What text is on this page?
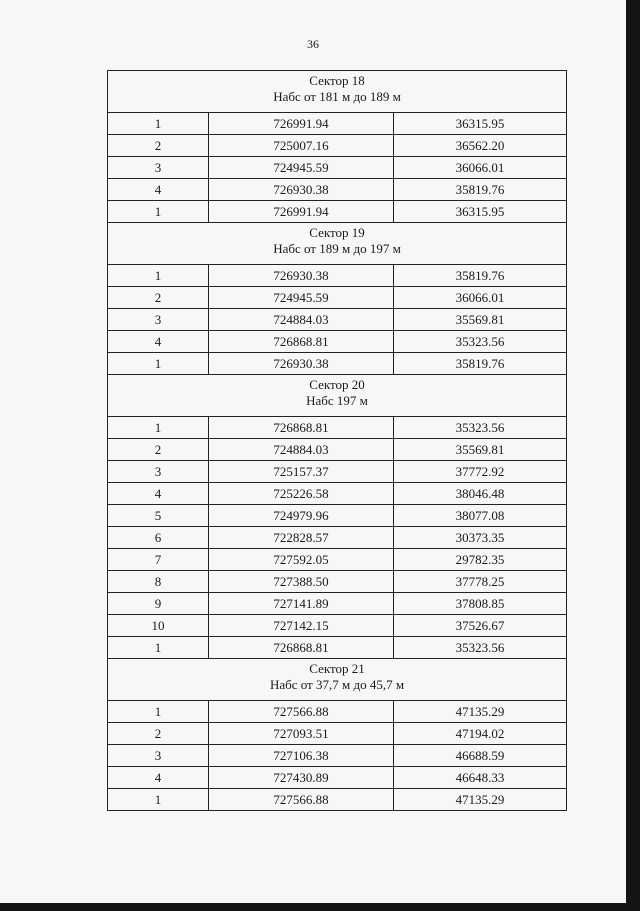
36
Сектор 18
Набс от 181 м до 189 м		

1	726991.94	36315.95
2	725007.16	36562.20
3	724945.59	36066.01
4	726930.38	35819.76
1	726991.94	36315.95

Сектор 19
Набс от 189 м до 197 м		

1	726930.38	35819.76
2	724945.59	36066.01
3	724884.03	35569.81
4	726868.81	35323.56
1	726930.38	35819.76

Сектор 20
Набс 197 м		

1	726868.81	35323.56
2	724884.03	35569.81
3	725157.37	37772.92
4	725226.58	38046.48
5	724979.96	38077.08
6	722828.57	30373.35
7	727592.05	29782.35
8	727388.50	37778.25
9	727141.89	37808.85
10	727142.15	37526.67
1	726868.81	35323.56

Сектор 21
Набс от 37,7 м до 45,7 м		

1	727566.88	47135.29
2	727093.51	47194.02
3	727106.38	46688.59
4	727430.89	46648.33
1	727566.88	47135.29
